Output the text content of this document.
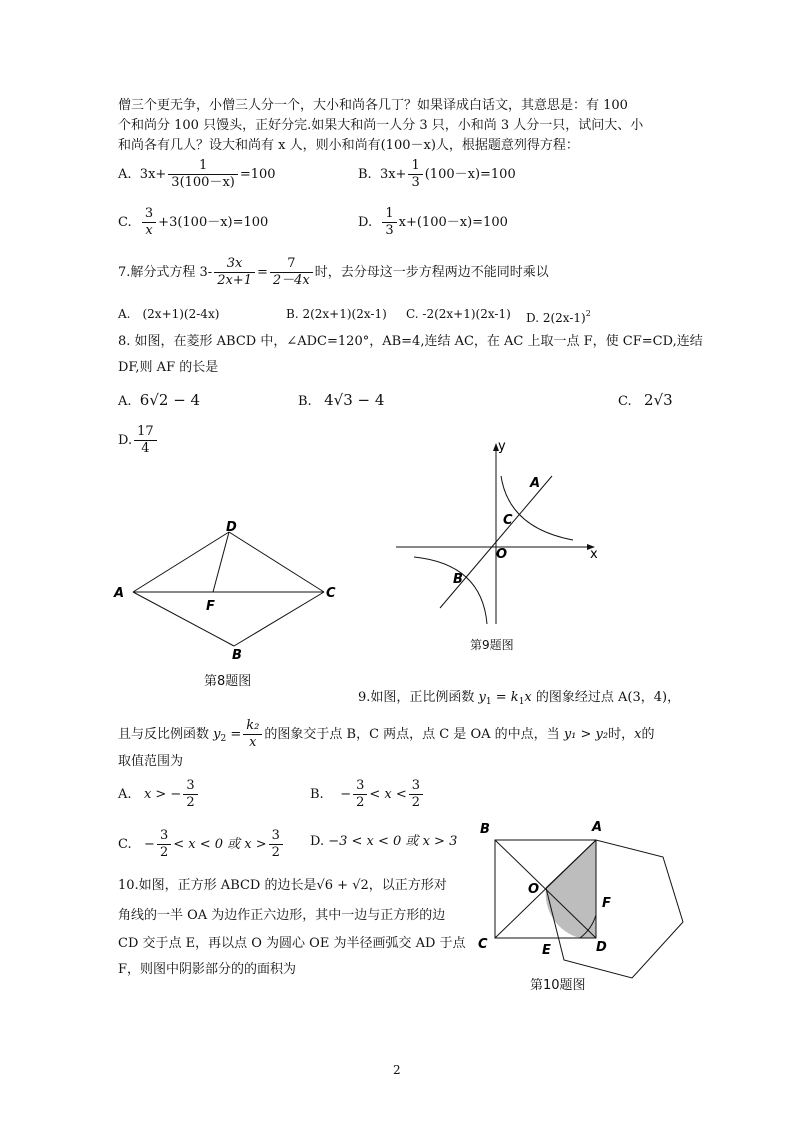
僧三个更无争，小僧三人分一个，大小和尚各几丁？如果译成白话文，其意思是：有 100
个和尚分 100 只馒头，正好分完.如果大和尚一人分 3 只，小和尚 3 人分一只，试问大、小
和尚各有几人？设大和尚有 x 人，则小和尚有(100－x)人，根据题意列得方程：
A. $3x+ \frac{1}{3(100-x)} =100$	B. $3x+ \frac{1}{3} (100-x)=100$
C. $\frac{3}{x} +3(100-x)=100$	D. $\frac{1}{3} x+(100-x)=100$
7.解分式方程 $3- \frac{3x}{2x+1} = \frac{7}{2-4x}$ 时，去分母这一步方程两边不能同时乘以
A.　(2x+1)(2-4x)	B. 2(2x+1)(2x-1) C. -2(2x+1)(2x-1) D. $2(2x-1)^2$
8. 如图，在菱形 ABCD 中，∠ADC=120°，AB=4,连结 AC，在 AC 上取一点 F，使 CF=CD,连结
DF,则 AF 的长是
A. 6√2 − 4	B. 4√3 − 4	C. 2√3
D. $\frac{17}{4}$
A
D
C
B
F
第8题图
y
x
A
C
O
B
第9题图
9.如图，正比例函数 $y_1 = k_1x$ 的图象经过点 A(3，4)，
且与反比例函数 $y_2 = \frac{\text{k₂}}{x}$ 的图象交于点 B，C 两点，点 C 是 OA 的中点，当 y₁ > y₂时，x的
取值范围为
A. x > − $\frac{3}{2}$	B. − $\frac{3}{2} < x < \frac{3}{2}$
C. − $\frac{3}{2} < x < 0$ 或 $x > \frac{3}{2} D$. −3 < x < 0 或 x > 3
10.如图，正方形 ABCD 的边长是√6 + √2，以正方形对
角线的一半 OA 为边作正六边形，其中一边与正方形的边
CD 交于点 E，再以点 O 为圆心 OE 为半径画弧交 AD 于点
F，则图中阴影部分的的面积为
B	A
O
F
C	E	D
第10题图
2
